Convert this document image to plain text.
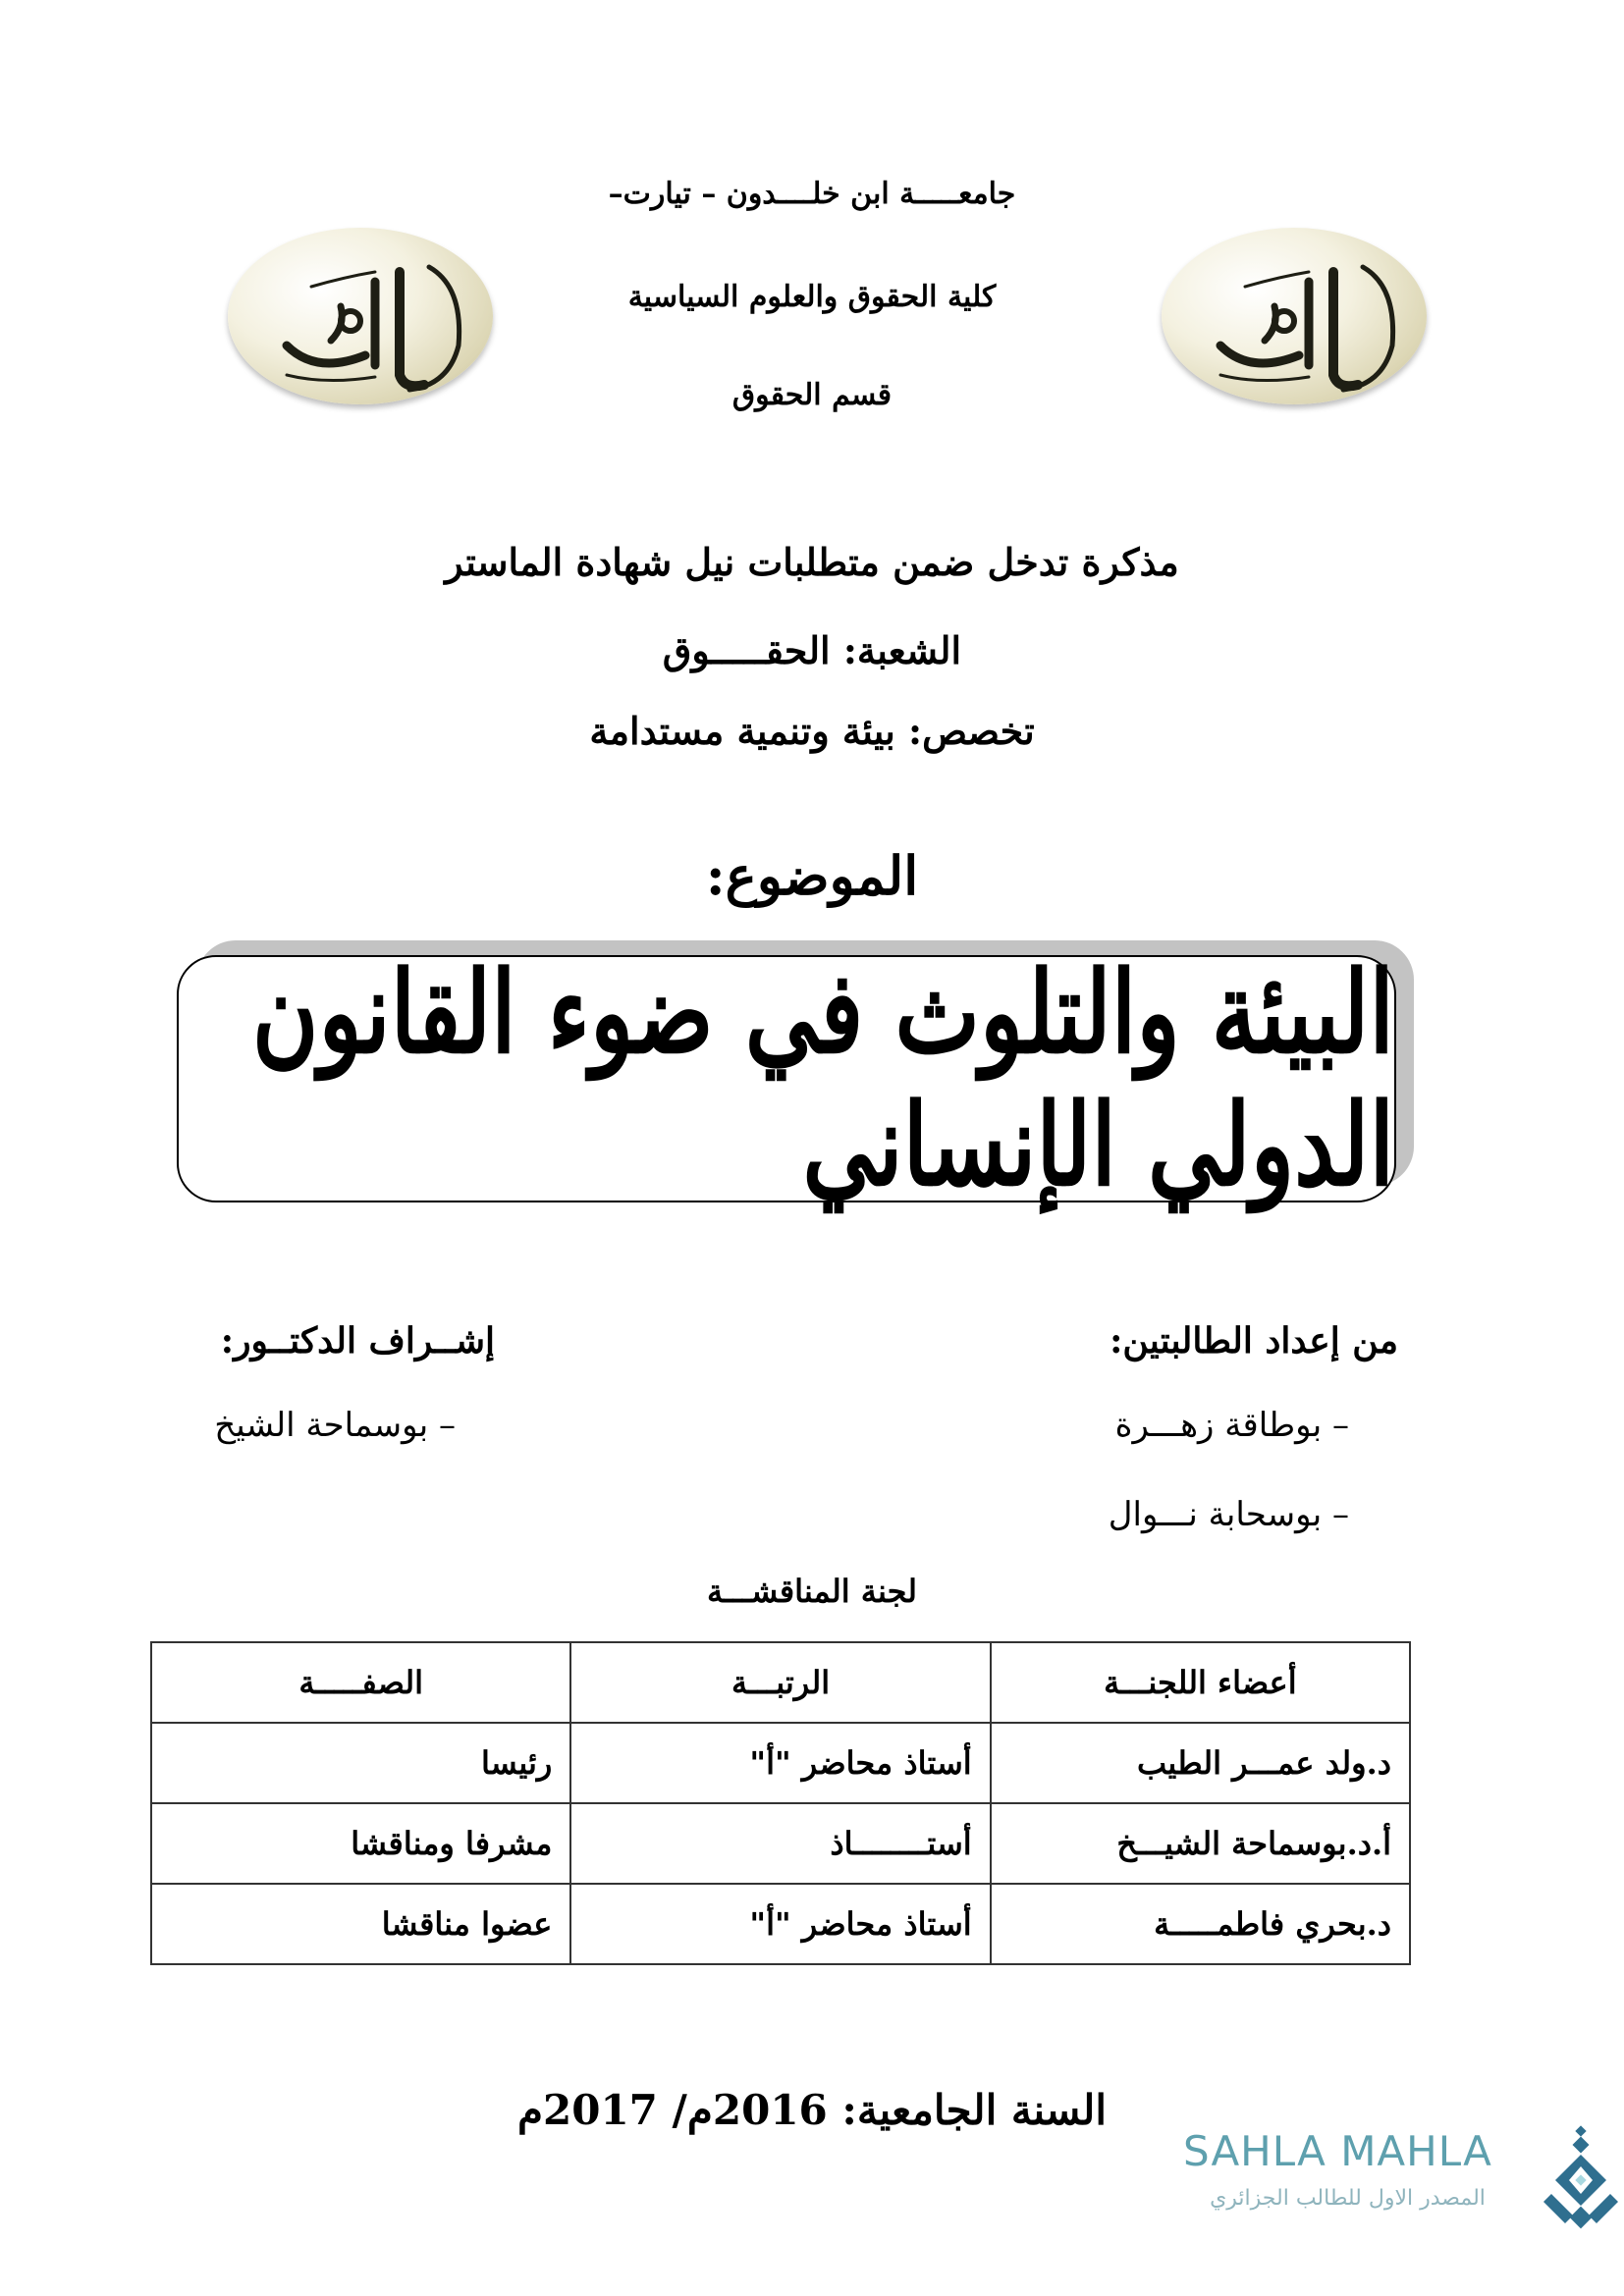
جامعـــــة ابن خلــــدون – تيارت–
كلية الحقوق والعلوم السياسية
قسم الحقوق
مذكرة تدخل ضمن متطلبات نيل شهادة الماستر
الشعبة: الحقـــــوق
تخصص: بيئة وتنمية مستدامة
الموضوع:
البيئة والتلوث في ضوء القانون الدولي الإنساني
من إعداد الطالبتين:
– بوطاقة زهـــرة
– بوسحابة نـــوال
إشــراف الدكتــور:
– بوسماحة الشيخ
لجنة المناقشـــة
أعضاء اللجنـــة	الرتبـــة	الصفـــــة
د.ولد عمـــر الطيب	أستاذ محاضر "أ"	رئيسا
أ.د.بوسماحة الشيـــخ	أستــــــــاذ	مشرفا ومناقشا
د.بحري فاطمـــــة	أستاذ محاضر "أ"	عضوا مناقشا
السنة الجامعية: 2016م/ 2017م
SAHLA MAHLA
المصدر الاول للطالب الجزائري
